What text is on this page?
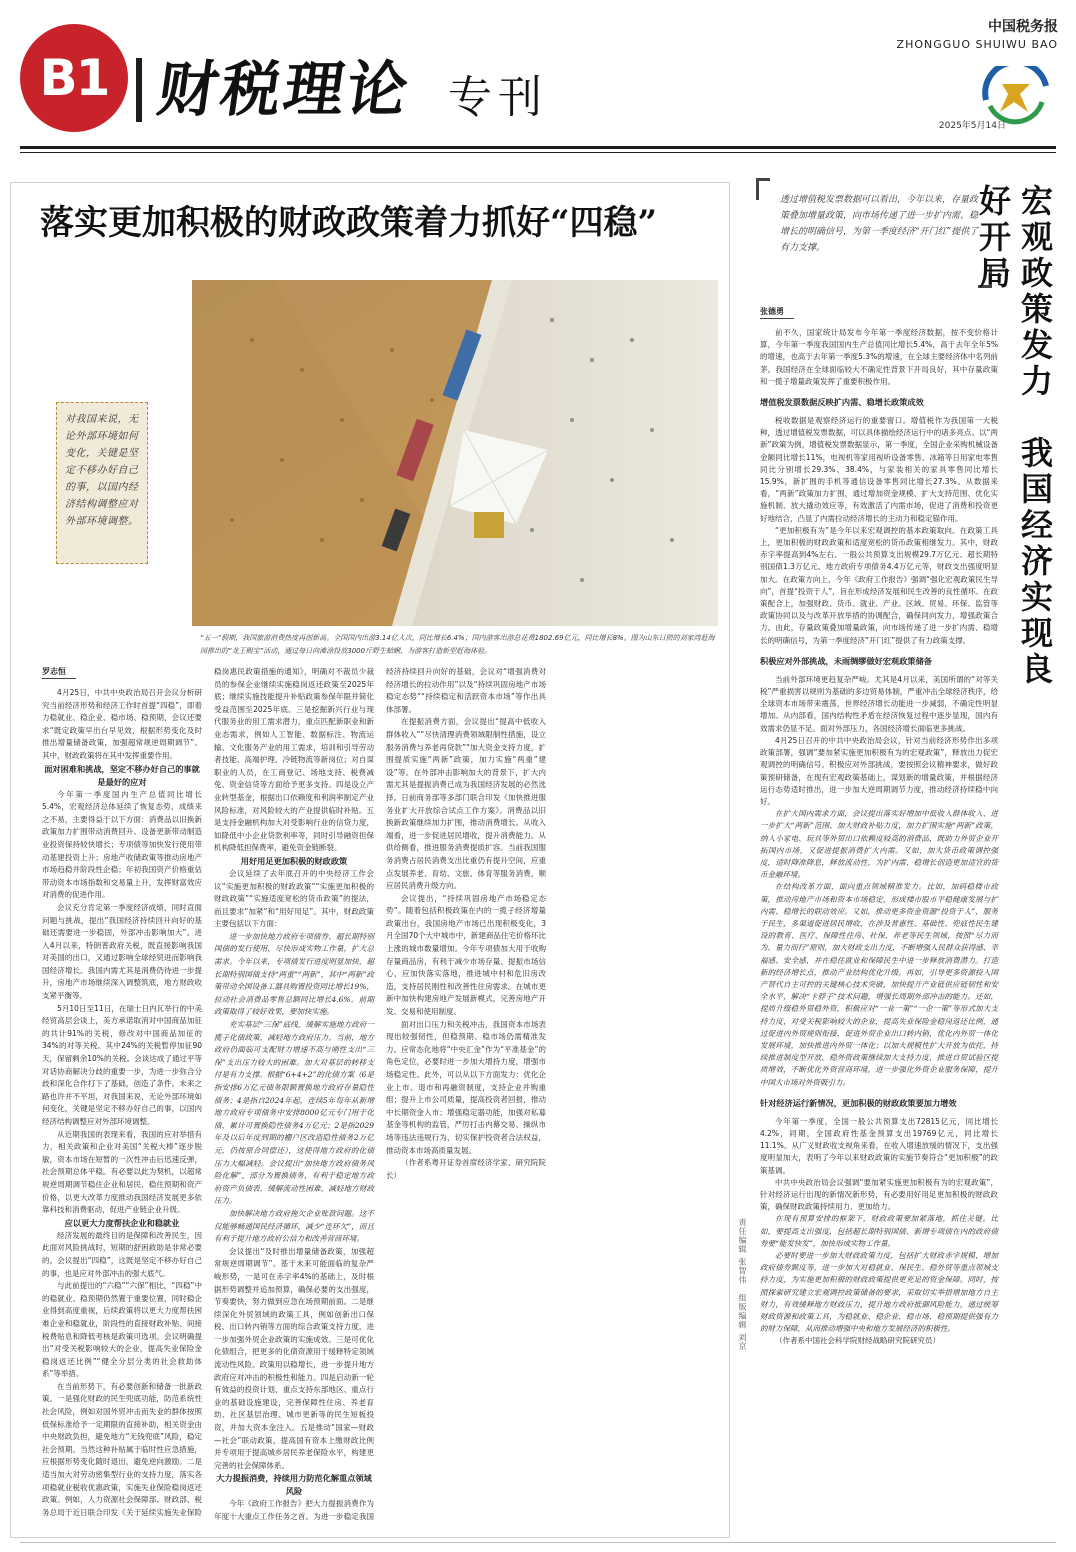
B1 财税理论 专刊
中国税务报
ZHONGGUO SHUIWU BAO
2025年5月14日
落实更加积极的财政政策着力抓好“四稳”
对我国来说，无论外部环境如何变化，关键是坚定不移办好自己的事，以国内经济结构调整应对外部环境调整。
“五一”假期，我国旅游消费热度再创新高。全国国内出游3.14亿人次，同比增长6.4%；国内游客出游总花费1802.69亿元，同比增长8%。图为山东日照的刘家湾赶海园推出的“龙王赐宝”活动，通过每日向滩涂投放3000斤野生蛤蜊，为游客打造新型赶海体验。
罗志恒

4月25日，中共中央政治局召开会议分析研究当前经济形势和经济工作时首提“四稳”，即着力稳就业、稳企业、稳市场、稳预期，会议还要求“既定政策早出台早见效，根据形势变化及时推出增量储备政策，加强超常规逆周期调节”。其中，财政政策将在其中发挥重要作用。

面对困难和挑战，坚定不移办好自己的事就是最好的应对

今年第一季度国内生产总值同比增长5.4%，宏观经济总体延续了恢复态势，成绩来之不易，主要得益于以下方面：消费品以旧换新政策加力扩围带动消费回升、设备更新带动制造业投资保持较快增长；专项债等加快发行使用带动基建投资上升；房地产收储政策等推动房地产市场趋稳并阶段性企稳；年初我国资产价格重估带动资本市场指数和交易量上升，发挥财富效应对消费的促进作用。

会议充分肯定第一季度经济成绩，同时直面问题与挑战，提出“我国经济持续回升向好的基础还需要进一步稳固，外部冲击影响加大”。进入4月以来，特朗普政府关税，既直接影响我国对美国的出口，又通过影响全球经贸进而影响我国经济增长。我国内需尤其是消费仍待进一步提升，房地产市场继续深入调整筑底，地方财政收支紧平衡等。

5月10日至11日，在瑞士日内瓦举行的中美经贸高层会谈上，美方承诺取消对中国商品加征的共计91%的关税，修改对中国商品加征的34%的对等关税。其中24%的关税暂停加征90天，保留剩余10%的关税。会谈达成了通过平等对话协商解决分歧的重要一步，为进一步弥合分歧和深化合作打下了基础，创造了条件。未来之路也许并不平坦，对我国来说，无论外部环境如何变化，关键是坚定不移办好自己的事，以国内经济结构调整应对外部环境调整。

从近期我国的表现来看，我国的应对举措有力，相关政策和企业对美国“关税大棒”逐步脱敏，资本市场在短暂的一次性冲击后迅速反弹，社会预期总体平稳。有必要以此为契机，以超常规逆周期调节稳住企业和居民、稳住预期和资产价格，以更大改革力度推动我国经济发展更多依靠科技和消费驱动，促进产业链企业升级。

应以更大力度帮扶企业和稳就业

经济发展的最终目的是保障和改善民生，因此面对风险挑战时，短期的舒困救助是非常必要的。会议提出“四稳”，这既是坚定不移办好自己的事，也是应对外部冲击的强大底气。

与此前提出的“六稳”“六保”相比，“四稳”中的稳就业、稳预期仍然置于重要位置，同时稳企业得到高度重视，后续政策将以更大力度帮扶困难企业和稳就业，阶段性的直接财政补贴、间接税费贴息和降低考核是政策可选项。会议明确提出“对受关税影响较大的企业，提高失业保险金稳岗返还比例”“健全分层分类的社会救助体系”等举措。

在当前形势下，有必要创新和储备一批新政策。一是强化财政的民生兜底功能，防范系统性社会风险，例如对国外贸冲击而失业的群体按照低保标准给予一定期限的直接补助，相关资金由中央财政负担，避免地方“无钱兜底”风险，稳定社会预期。当然这种补贴属于临时性应急措施，应根据形势变化随时退出，避免逆向激励。二是适当加大对劳动密集型行业的支持力度，落实各项稳就业税收优惠政策，实施失业保险稳岗返还政策。例如，人力资源社会保障部、财政部、税务总局于近日联合印发《关于延续实施失业保险稳岗惠民政策措施的通知》，明确对不裁员少裁员的参保企业继续实施稳岗返还政策至2025年底；继续实施技能提升补贴政策参保年限并简化受益范围至2025年底。三是挖掘新兴行业与现代服务业的用工需求潜力，重点匹配新职业和新业态需求，例如人工智能、数据标注、物流运输、文化服务产业的用工需求，培训和引导劳动者技能、高端护理、冷链物流等新岗位；对自谋职业的人员，在工商登记、场地支持、税费减免、资金信贷等方面给予更多支持。四是设立产业转型基金，根据出口依赖度和利润率制定产业风险标准，对风险较大的产业提供临时补贴。五是支持金融机构加大对受影响行业的信贷力度，如降低中小企业贷款利率等，同时引导融资担保机构降低担保费率，避免资金链断裂。

用好用足更加积极的财政政策

会议延续了去年底召开的中央经济工作会议“实施更加积极的财政政策”“实施更加积极的财政政策”“实施适度宽松的货币政策”的提法，而且要求“加紧”和“用好用足”。其中，财政政策主要包括以下方面：

进一步加快地方政府专项债券、超长期特别国债的发行使用，尽快形成实物工作量，扩大总需求。今年以来，专项债发行进度明显加快，超长期特别国债支持“两重”“两新”，其中“两新”政策带动全国设备工器具购置投资同比增长19%，拉动社会消费品零售总额同比增长4.6%。前期政策取得了较好效果，要加快实施。

充实基层“三保”底线，缓解实施地方政府一揽子化债政策，减轻地方政府压力。当前，地方政府仍面临可支配财力增速不高与刚性支出“三保”支出压力较大的困难。加大对基层的转移支付是有力支撑。根据“6+4+2”的化债方案（6是指安排6万亿元债务限额置换地方政府存量隐性债务；4是指自2024年起，连续5年每年从新增地方政府专项债务中安排8000亿元专门用于化债，累计可置换隐性债务4万亿元；2是指2029年及以后年度到期的棚户区改造隐性债务2万亿元，仍按原合同偿还），这使得地方政府的化债压力大幅减轻。会议提出“加快地方政府债务风险化解”，部分为置换债务，有利于稳定地方政府资产负债表，缓解流动性困难，减轻地方财政压力。

加快解决地方政府拖欠企业账款问题。这不仅能够畅通国民经济循环，减少“连环欠”，而且有利于提升地方政府公信力和改善营商环境。

会议提出“及时推出增量储备政策，加强超常规逆周期调节”。基于未来可能面临的复杂严峻形势，一是可在赤字率4%的基础上，及时根据形势调整并追加预算，确保必要的支出强度，节奏要快，努力做到应急在场预期前面。二是继续深化外贸领域的政策工具，例如创新出口保税、出口转内销等方面的综合政策支持力度，进一步加强外贸企业政策的实施成效。三是可优化化债组合，把更多的化债资源用于缓释特定领域流动性风险。政策用以稳增长，进一步提升地方政府应对冲击的积极性和能力。四是启动新一轮有效益的投资计划，重点支持东部地区、重点行业的基础设施建设，完善保障性住房、养老育幼、社区基层治理、城市更新等的民生短板投资，并加大资本金注入。五是推动“国家—财政—社会”联动政策，提高国有资本上缴财政比例并专项用于提高城乡居民养老保险水平，构建更完善的社会保障体系。

大力提振消费，持续用力防范化解重点领域风险

今年《政府工作报告》把大力提振消费作为年度十大重点工作任务之首。为进一步稳定我国经济持续回升向好的基础，会议对“增强消费对经济增长的拉动作用”以及“持续巩固房地产市场稳定态势”“持续稳定和活跃资本市场”等作出具体部署。

在提振消费方面，会议提出“提高中低收入群体收入”“尽快清理消费领域限制性措施，设立服务消费与养老再贷款”“加大资金支持力度，扩围提质实施“两新”政策，加力实施“两重”建设”等。在外部冲击影响加大的背景下，扩大内需尤其是提振消费已成为我国经济发展的必然选择。日前商务部等多部门联合印发《加快推进服务业扩大开放综合试点工作方案》。消费品以旧换新政策继续加力扩围，推动消费增长。从收入端看，进一步促进居民增收，提升消费能力。从供给侧看，推进服务消费提质扩容。当前我国服务消费占居民消费支出比重仍有提升空间，应重点发展养老、育幼、文旅、体育等服务消费，顺应居民消费升级方向。

会议提出，“持续巩固房地产市场稳定态势”。随着包括积极政策在内的一揽子经济增量政策出台，我国房地产市场已出现积极变化，3月全国70个大中城市中，新建商品住宅价格环比上涨的城市数量增加。今年专项债加大用于收购存量商品房，有利于减少市场存量、提振市场信心，应加快落实落地，推进城中村和危旧房改造，支持居民刚性和改善性住房需求。在城市更新中加快构建房地产发展新模式，完善房地产开发、交易和使用制度。

面对出口压力和关税冲击，我国资本市场表现出较强韧性，但稳预期、稳市场仍需精准发力。应常态化地将“中央汇金”作为“平准基金”的角色定位，必要时进一步加大增持力度，增强市场稳定性。此外，可以从以下方面发力：优化企业上市、退市和再融资制度，支持企业并购重组；提升上市公司质量，提高投资者回报，推动中长期资金入市；增强稳定器功能，加强对私募基金等机构的监管，严厉打击内幕交易、操纵市场等违法违规行为，切实保护投资者合法权益，推动资本市场高质量发展。

（作者系粤开证券首席经济学家、研究院院长）

责任编辑 张智伟　组版编辑 刘京
透过增值税发票数据可以看出，今年以来，存量政策叠加增量政策，向市场传递了进一步扩内需、稳增长的明确信号，为第一季度经济“开门红”提供了有力支撑。	宏观政策发力　我国经济实现良好开局
张德勇

前不久，国家统计局发布今年第一季度经济数据，按不变价格计算，今年第一季度我国国内生产总值同比增长5.4%，高于去年全年5%的增速，也高于去年第一季度5.3%的增速，在全球主要经济体中名列前茅。我国经济在全球面临较大不确定性背景下开局良好，其中存量政策和一揽子增量政策发挥了重要积极作用。

增值税发票数据反映扩内需、稳增长政策成效

税收数据是观察经济运行的重要窗口。增值税作为我国第一大税种，透过增值税发票数据，可以具体描绘经济运行中的诸多亮点。以“两新”政策为例，增值税发票数据显示，第一季度，全国企业采购机械设备金额同比增长11%，电视机等家用视听设备零售、冰箱等日用家电零售同比分别增长29.3%、38.4%，与家装相关的家具零售同比增长15.9%，新扩围的手机等通信设备零售同比增长27.3%。从数据来看，“两新”政策加力扩围，通过增加资金规模、扩大支持范围、优化实施机制、放大撬动效应等，有效激活了内需市场，促进了消费和投资更好地结合，凸显了内需拉动经济增长的主动力和稳定锚作用。

“更加积极有为”是今年以来宏观调控的基本政策取向。在政策工具上，更加积极的财政政策和适度宽松的货币政策相继发力。其中，财政赤字率提高到4%左右、一般公共预算支出规模29.7万亿元、超长期特别国债1.3万亿元、地方政府专项债务4.4万亿元等，财政支出强度明显加大。在政策方向上，今年《政府工作报告》强调“强化宏观政策民生导向”，首提“投资于人”，旨在形成经济发展和民生改善的良性循环。在政策配合上，加强财政、货币、就业、产业、区域、贸易、环保、监管等政策协同以及与改革开放举措的协调配合，确保同向发力，增强政策合力。由此，存量政策叠加增量政策，向市场传递了进一步扩内需、稳增长的明确信号，为第一季度经济“开门红”提供了有力政策支撑。

积极应对外部挑战，未雨绸缪做好宏观政策储备

当前外部环境更趋复杂严峻。尤其是4月以来，美国所谓的“对等关税”严重损害以规则为基础的多边贸易体制，严重冲击全球经济秩序，给全球资本市场带来震荡，世界经济增长动能进一步减弱，不确定性明显增加。从内部看，国内结构性矛盾在经济恢复过程中逐步显现，国内有效需求仍显不足。面对外部压力，各国经济增长面临更多挑战。

4月25日召开的中共中央政治局会议，针对当前经济形势作出多项政策部署，强调“要加紧实施更加积极有为的宏观政策”，释放出力促宏观调控的明确信号。积极应对外部挑战，要按照会议精神要求，做好政策预研储备，在现有宏观政策基础上，谋划新的增量政策，并根据经济运行态势适时推出，进一步加大逆周期调节力度，推动经济持续稳中向好。

在扩大国内需求方面，会议提出落实好增加中低收入群体收入、进一步扩大“两新”范围、加大财政补贴力度，加力扩围实施“两新”政策，纳入小家电、玩具等外贸出口依赖度较高的消费品，既助力外贸企业开拓国内市场，又促进提振消费扩大内需。又如，加大货币政策调控强度，适时降准降息，释放流动性，为扩内需、稳增长创造更加适宜的货币金融环境。

在结构改革方面，面向重点领域精准发力。比如，加码稳楼市政策，推动房地产市场和资本市场稳定，形成楼市股市平稳健康发展与扩内需、稳增长的联动效应。又如，推动更多资金资源“投资于人”，服务于民生，多渠道促进居民增收，在涉及普惠性、基础性、兜底性民生建设的教育、医疗、保障性住房、社保、养老等民生领域，按照“尽力而为、量力而行”原则，加大财政支出力度，不断增强人民群众获得感、幸福感、安全感，并在稳住就业和保障民生中进一步释放消费潜力。打造新的经济增长点，推动产业结构优化升级。再如，引导更多资源投入国产替代自主可控的关键核心技术突破，加快提升产业链供应链韧性和安全水平，解决“卡脖子”技术问题，增强长周期外部冲击的能力。还如，提质升级稳外贸稳外资，积极应对“一业一策”“一企一策”等形式加大支持力度，对受关税影响较大的企业，提高失业保险金稳岗返还比例，通过促进内外贸规则衔接，促进外贸企业出口转内销，优化内外贸一体化发展环境，加快推进内外贸一体化；以加大规模性扩大开放为依托，持续推进制度型开放，稳外资政策继续加大支持力度，推进自贸试验区提质增效，不断优化外资营商环境，进一步强化外资企业服务保障，提升中国大市场对外资吸引力。

针对经济运行新情况，更加积极的财政政策要加力增效

今年第一季度，全国一般公共预算支出72815亿元，同比增长4.2%，同期，全国政府性基金预算支出19769亿元，同比增长11.1%。从广义财政收支视角来看，在收入增速放缓的情况下，支出强度明显加大，表明了今年以来财政政策的实施节奏符合“更加积极”的政策基调。

中共中央政治局会议强调“要加紧实施更加积极有为的宏观政策”，针对经济运行出现的新情况新形势，有必要用好用足更加积极的财政政策，确保财政政策持续用力、更加给力。

在现有预算安排的框架下，财政政策要加紧落地，抓住关键。比如，要提高支出强度，包括超长期特别国债、新增专项债在内的政府债券要“能发快发”，加快形成实物工作量。

必要时要进一步加大财政政策力度，包括扩大财政赤字规模、增加政府债券额度等，进一步加大对稳就业、保民生、稳外贸等重点领域支持力度，为实施更加积极的财政政策提供更充足的资金保障。同时，按照探索研究建立宏观调控政策储备的要求，采取切实举措增加地方自主财力，有效缓释地方财政压力，提升地方政府抵御风险能力，通过统筹财政资源和政策工具，为稳就业、稳企业、稳市场、稳预期提供强有力的财力保障，从而推动增强中央和地方发展经济的积极性。

（作者系中国社会科学院财经战略研究院研究员）
